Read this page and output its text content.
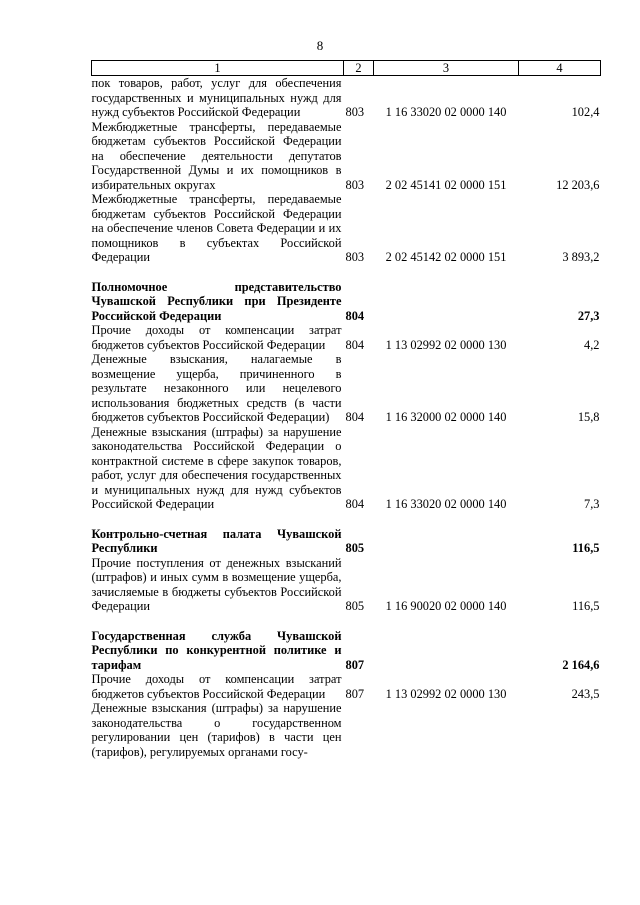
8
1	2	3	4
пок товаров, работ, услуг для обеспечения государственных и муниципальных нужд для нужд субъектов Российской Федерации	803	1 16 33020 02 0000 140	102,4
Межбюджетные трансферты, передаваемые бюджетам субъектов Российской Федерации на обеспечение деятельности депутатов Государственной Думы и их помощников в избирательных округах	803	2 02 45141 02 0000 151	12 203,6
Межбюджетные трансферты, передаваемые бюджетам субъектов Российской Федерации на обеспечение членов Совета Федерации и их помощников в субъектах Российской Федерации	803	2 02 45142 02 0000 151	3 893,2

Полномочное представительство Чувашской Республики при Президенте Российской Федерации	804		27,3
Прочие доходы от компенсации затрат бюджетов субъектов Российской Федерации	804	1 13 02992 02 0000 130	4,2
Денежные взыскания, налагаемые в возмещение ущерба, причиненного в результате незаконного или нецелевого использования бюджетных средств (в части бюджетов субъектов Российской Федерации)	804	1 16 32000 02 0000 140	15,8
Денежные взыскания (штрафы) за нарушение законодательства Российской Федерации о контрактной системе в сфере закупок товаров, работ, услуг для обеспечения государственных и муниципальных нужд для нужд субъектов Российской Федерации	804	1 16 33020 02 0000 140	7,3

Контрольно-счетная палата Чувашской Республики	805		116,5
Прочие поступления от денежных взысканий (штрафов) и иных сумм в возмещение ущерба, зачисляемые в бюджеты субъектов Российской Федерации	805	1 16 90020 02 0000 140	116,5

Государственная служба Чувашской Республики по конкурентной политике и тарифам	807		2 164,6
Прочие доходы от компенсации затрат бюджетов субъектов Российской Федерации	807	1 13 02992 02 0000 130	243,5
Денежные взыскания (штрафы) за нарушение законодательства о государственном регулировании цен (тарифов) в части цен (тарифов), регулируемых органами госу-			
